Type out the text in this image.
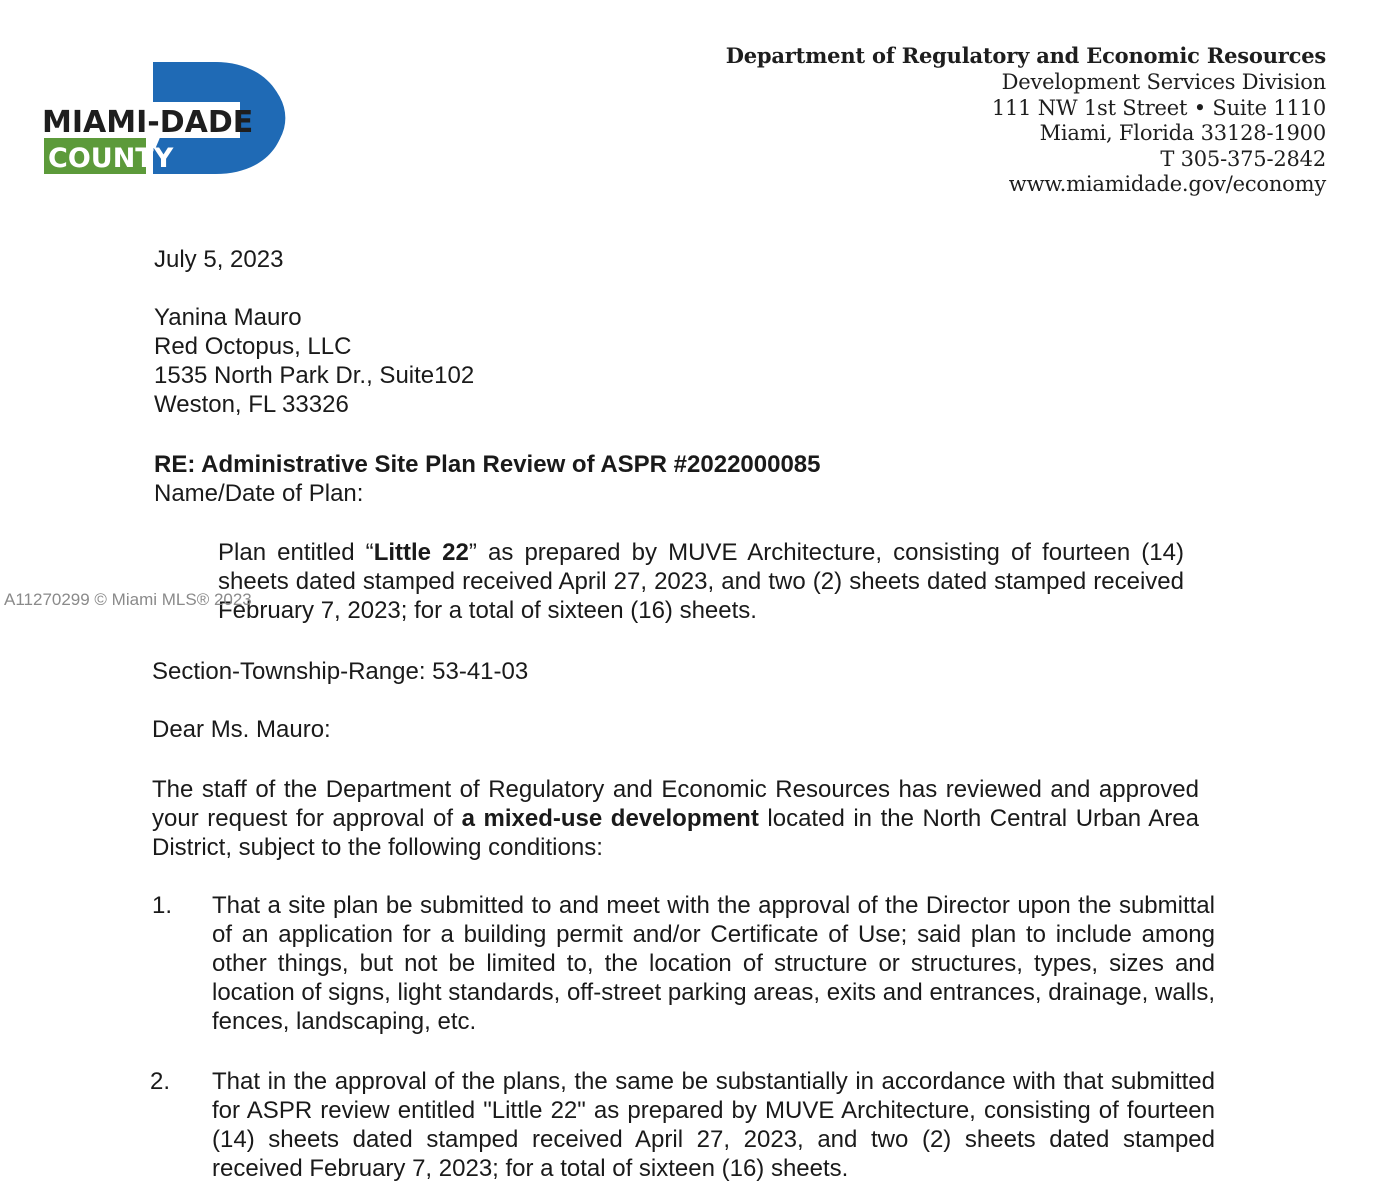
MIAMI-DADE
COUNTY
Department of Regulatory and Economic Resources
Development Services Division
111 NW 1st Street • Suite 1110
Miami, Florida 33128-1900
T 305-375-2842
www.miamidade.gov/economy
July 5, 2023
Yanina Mauro
Red Octopus, LLC
1535 North Park Dr., Suite102
Weston, FL 33326
RE: Administrative Site Plan Review of ASPR #2022000085
Name/Date of Plan:
Plan entitled “Little 22” as prepared by MUVE Architecture, consisting of fourteen (14) sheets dated stamped received April 27, 2023, and two (2) sheets dated stamped received February 7, 2023; for a total of sixteen (16) sheets.
Section-Township-Range: 53-41-03
Dear Ms. Mauro:
The staff of the Department of Regulatory and Economic Resources has reviewed and approved your request for approval of a mixed-use development located in the North Central Urban Area District, subject to the following conditions:
1. That a site plan be submitted to and meet with the approval of the Director upon the submittal of an application for a building permit and/or Certificate of Use; said plan to include among other things, but not be limited to, the location of structure or structures, types, sizes and location of signs, light standards, off-street parking areas, exits and entrances, drainage, walls, fences, landscaping, etc.
2. That in the approval of the plans, the same be substantially in accordance with that submitted for ASPR review entitled "Little 22" as prepared by MUVE Architecture, consisting of fourteen (14) sheets dated stamped received April 27, 2023, and two (2) sheets dated stamped received February 7, 2023; for a total of sixteen (16) sheets.
A11270299 © Miami MLS® 2023
